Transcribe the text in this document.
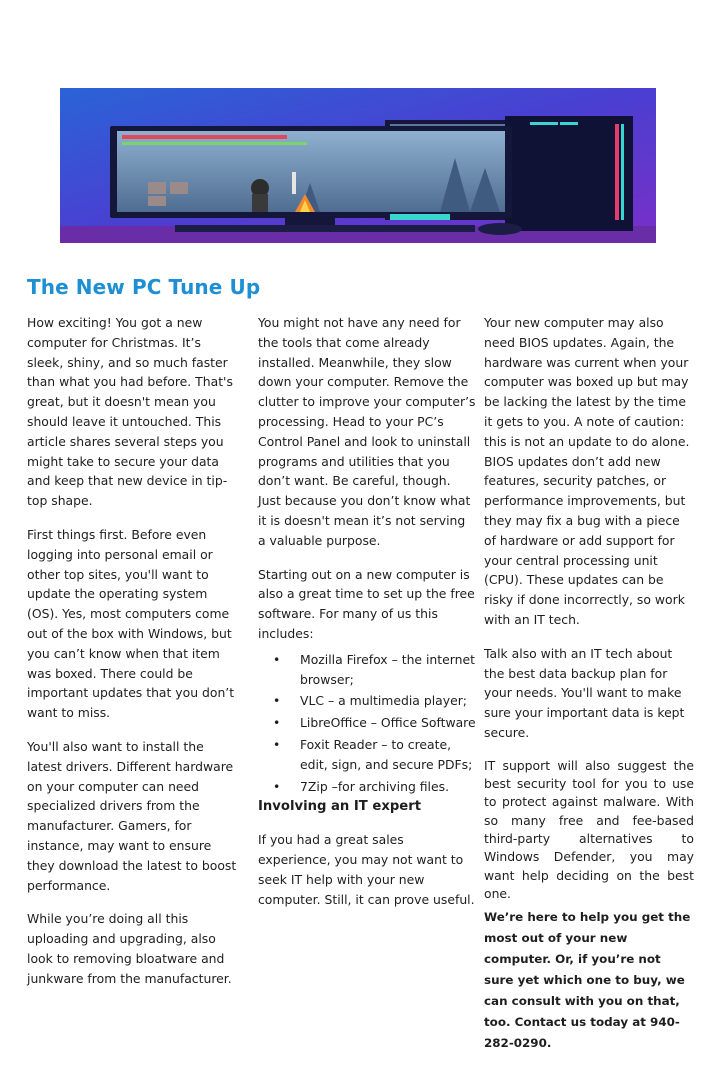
The New PC Tune Up

How exciting! You got a new computer for Christmas. It’s sleek, shiny, and so much faster than what you had before. That's great, but it doesn't mean you should leave it untouched. This article shares several steps you might take to secure your data and keep that new device in tip-top shape.

First things first. Before even logging into personal email or other top sites, you'll want to update the operating system (OS). Yes, most computers come out of the box with Windows, but you can’t know when that item was boxed. There could be important updates that you don’t want to miss.

You'll also want to install the latest drivers. Different hardware on your computer can need specialized drivers from the manufacturer. Gamers, for instance, may want to ensure they download the latest to boost performance.

While you’re doing all this uploading and upgrading, also look to removing bloatware and junkware from the manufacturer.

You might not have any need for the tools that come already installed. Meanwhile, they slow down your computer. Remove the clutter to improve your computer’s processing. Head to your PC’s Control Panel and look to uninstall programs and utilities that you don’t want. Be careful, though. Just because you don’t know what it is doesn't mean it’s not serving a valuable purpose.

Starting out on a new computer is also a great time to set up the free software. For many of us this includes:

• Mozilla Firefox – the internet browser;
• VLC – a multimedia player;
• LibreOffice – Office Software
• Foxit Reader – to create, edit, sign, and secure PDFs;
• 7Zip –for archiving files.

Involving an IT expert

If you had a great sales experience, you may not want to seek IT help with your new computer. Still, it can prove useful.

Your new computer may also need BIOS updates. Again, the hardware was current when your computer was boxed up but may be lacking the latest by the time it gets to you. A note of caution: this is not an update to do alone. BIOS updates don’t add new features, security patches, or performance improvements, but they may fix a bug with a piece of hardware or add support for your central processing unit (CPU). These updates can be risky if done incorrectly, so work with an IT tech.

Talk also with an IT tech about the best data backup plan for your needs. You'll want to make sure your important data is kept secure.

IT support will also suggest the best security tool for you to use to protect against malware. With so many free and fee-based third-party alternatives to Windows Defender, you may want help deciding on the best one.

We’re here to help you get the most out of your new computer. Or, if you’re not sure yet which one to buy, we can consult with you on that, too. Contact us today at 940-282-0290.
